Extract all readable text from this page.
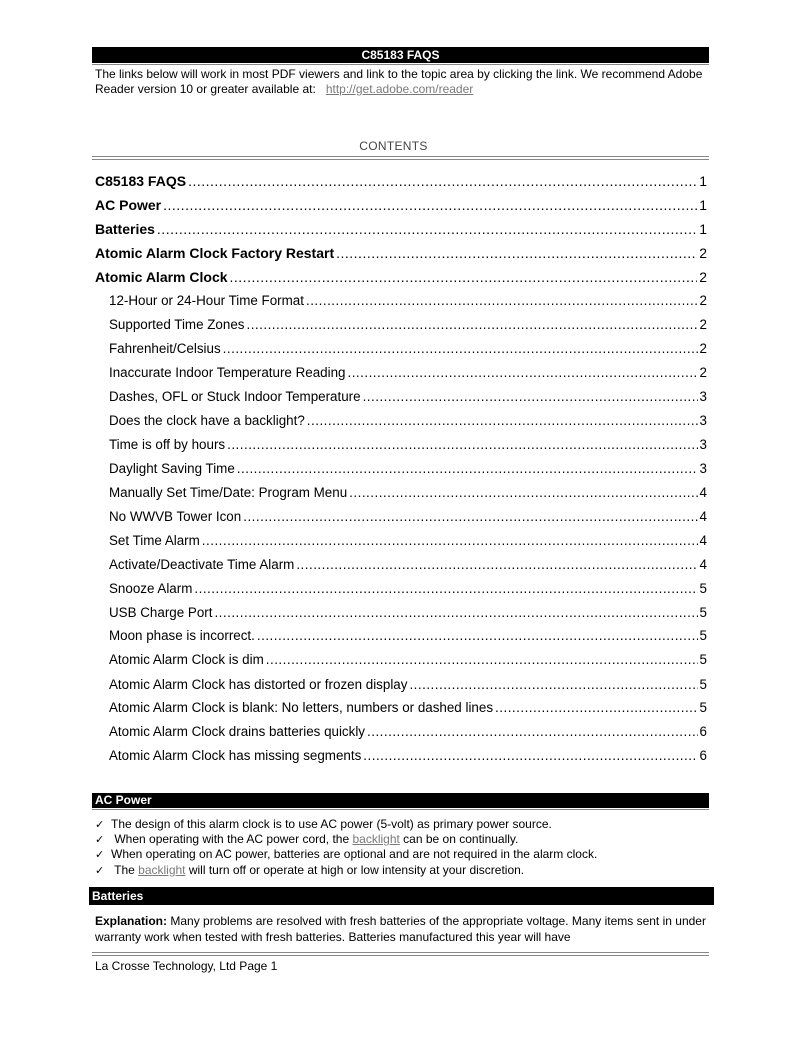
C85183 FAQS
The links below will work in most PDF viewers and link to the topic area by clicking the link. We recommend Adobe Reader version 10 or greater available at: http://get.adobe.com/reader
CONTENTS
C85183 FAQS .....	1
AC Power .....	1
Batteries .....	1
Atomic Alarm Clock Factory Restart .....	2
Atomic Alarm Clock .....	2
12-Hour or 24-Hour Time Format .....	2
Supported Time Zones .....	2
Fahrenheit/Celsius .....	2
Inaccurate Indoor Temperature Reading .....	2
Dashes, OFL or Stuck Indoor Temperature .....	3
Does the clock have a backlight? .....	3
Time is off by hours .....	3
Daylight Saving Time .....	3
Manually Set Time/Date: Program Menu .....	4
No WWVB Tower Icon .....	4
Set Time Alarm .....	4
Activate/Deactivate Time Alarm .....	4
Snooze Alarm .....	5
USB Charge Port .....	5
Moon phase is incorrect. .....	5
Atomic Alarm Clock is dim .....	5
Atomic Alarm Clock has distorted or frozen display .....	5
Atomic Alarm Clock is blank: No letters, numbers or dashed lines .....	5
Atomic Alarm Clock drains batteries quickly .....	6
Atomic Alarm Clock has missing segments .....	6
AC Power
✓ The design of this alarm clock is to use AC power (5-volt) as primary power source.
✓ When operating with the AC power cord, the backlight can be on continually.
✓ When operating on AC power, batteries are optional and are not required in the alarm clock.
✓ The backlight will turn off or operate at high or low intensity at your discretion.
Batteries
Explanation: Many problems are resolved with fresh batteries of the appropriate voltage. Many items sent in under warranty work when tested with fresh batteries. Batteries manufactured this year will have
La Crosse Technology, Ltd Page 1
